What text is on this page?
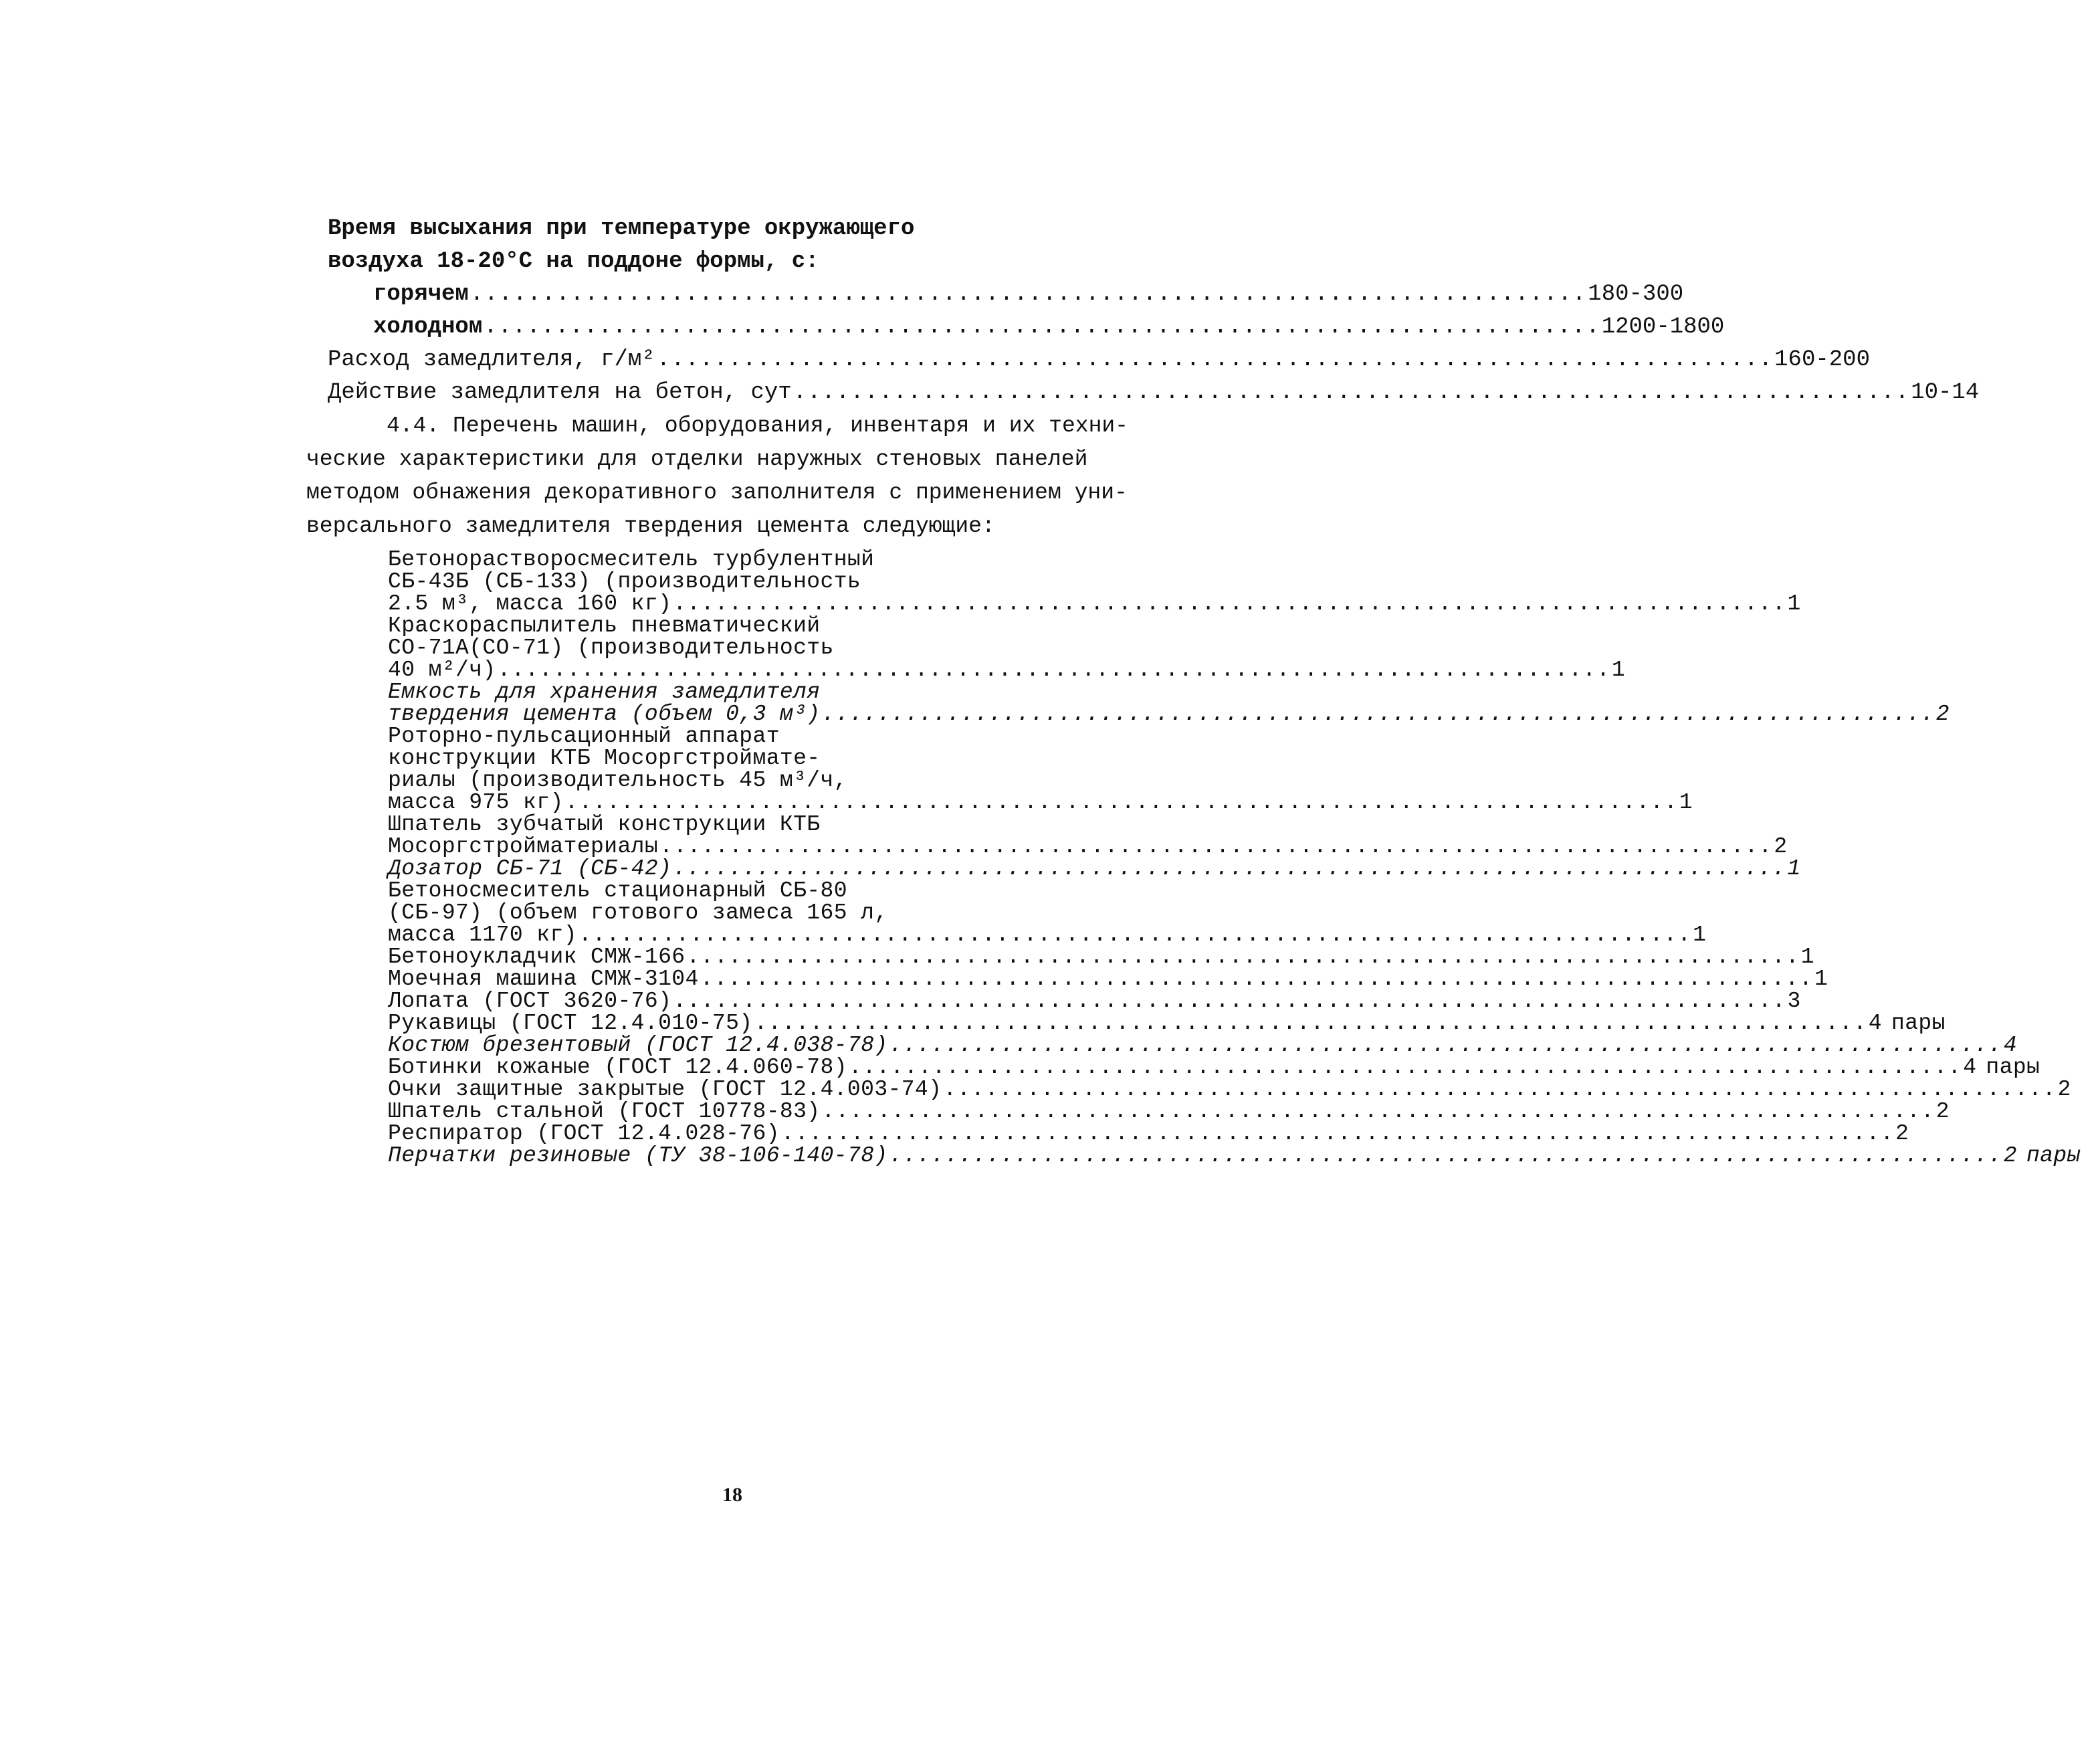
Время высыхания при температуре окружающего
воздуха 18-20°C на поддоне формы, с:
горячем .............................................................................. 180-300
холодном .............................................................................. 1200-1800
Расход замедлителя, г/м² .............................................................................. 160-200
Действие замедлителя на бетон, сут .............................................................................. 10-14
4.4. Перечень машин, оборудования, инвентаря и их техни-
ческие характеристики для отделки наружных стеновых панелей
методом обнажения декоративного заполнителя с применением уни-
версального замедлителя твердения цемента следующие:
Бетонорастворосмеситель турбулентный
СБ-43Б (СБ-133) (производительность
2.5 м³, масса 160 кг) ................................................................................ 1
Краскораспылитель пневматический
СО-71А(СО-71) (производительность
40 м²/ч) ................................................................................ 1
Емкость для хранения замедлителя
твердения цемента (объем 0,3 м³) ................................................................................ 2
Роторно-пульсационный аппарат
конструкции КТБ Мосоргстроймате-
риалы (производительность 45 м³/ч,
масса 975 кг) ................................................................................ 1
Шпатель зубчатый конструкции КТБ
Мосоргстройматериалы ................................................................................ 2
Дозатор СБ-71 (СБ-42) ................................................................................ 1
Бетоносмеситель стационарный СБ-80
(СБ-97) (объем готового замеса 165 л,
масса 1170 кг) ................................................................................ 1
Бетоноукладчик СМЖ-166 ................................................................................ 1
Моечная машина СМЖ-3104 ................................................................................ 1
Лопата (ГОСТ 3620-76) ................................................................................ 3
Рукавицы (ГОСТ 12.4.010-75) ................................................................................ 4 пары
Костюм брезентовый (ГОСТ 12.4.038-78) ................................................................................ 4
Ботинки кожаные (ГОСТ 12.4.060-78) ................................................................................ 4 пары
Очки защитные закрытые (ГОСТ 12.4.003-74) ................................................................................ 2
Шпатель стальной (ГОСТ 10778-83) ................................................................................ 2
Респиратор (ГОСТ 12.4.028-76) ................................................................................ 2
Перчатки резиновые (ТУ 38-106-140-78) ................................................................................ 2 пары
18
